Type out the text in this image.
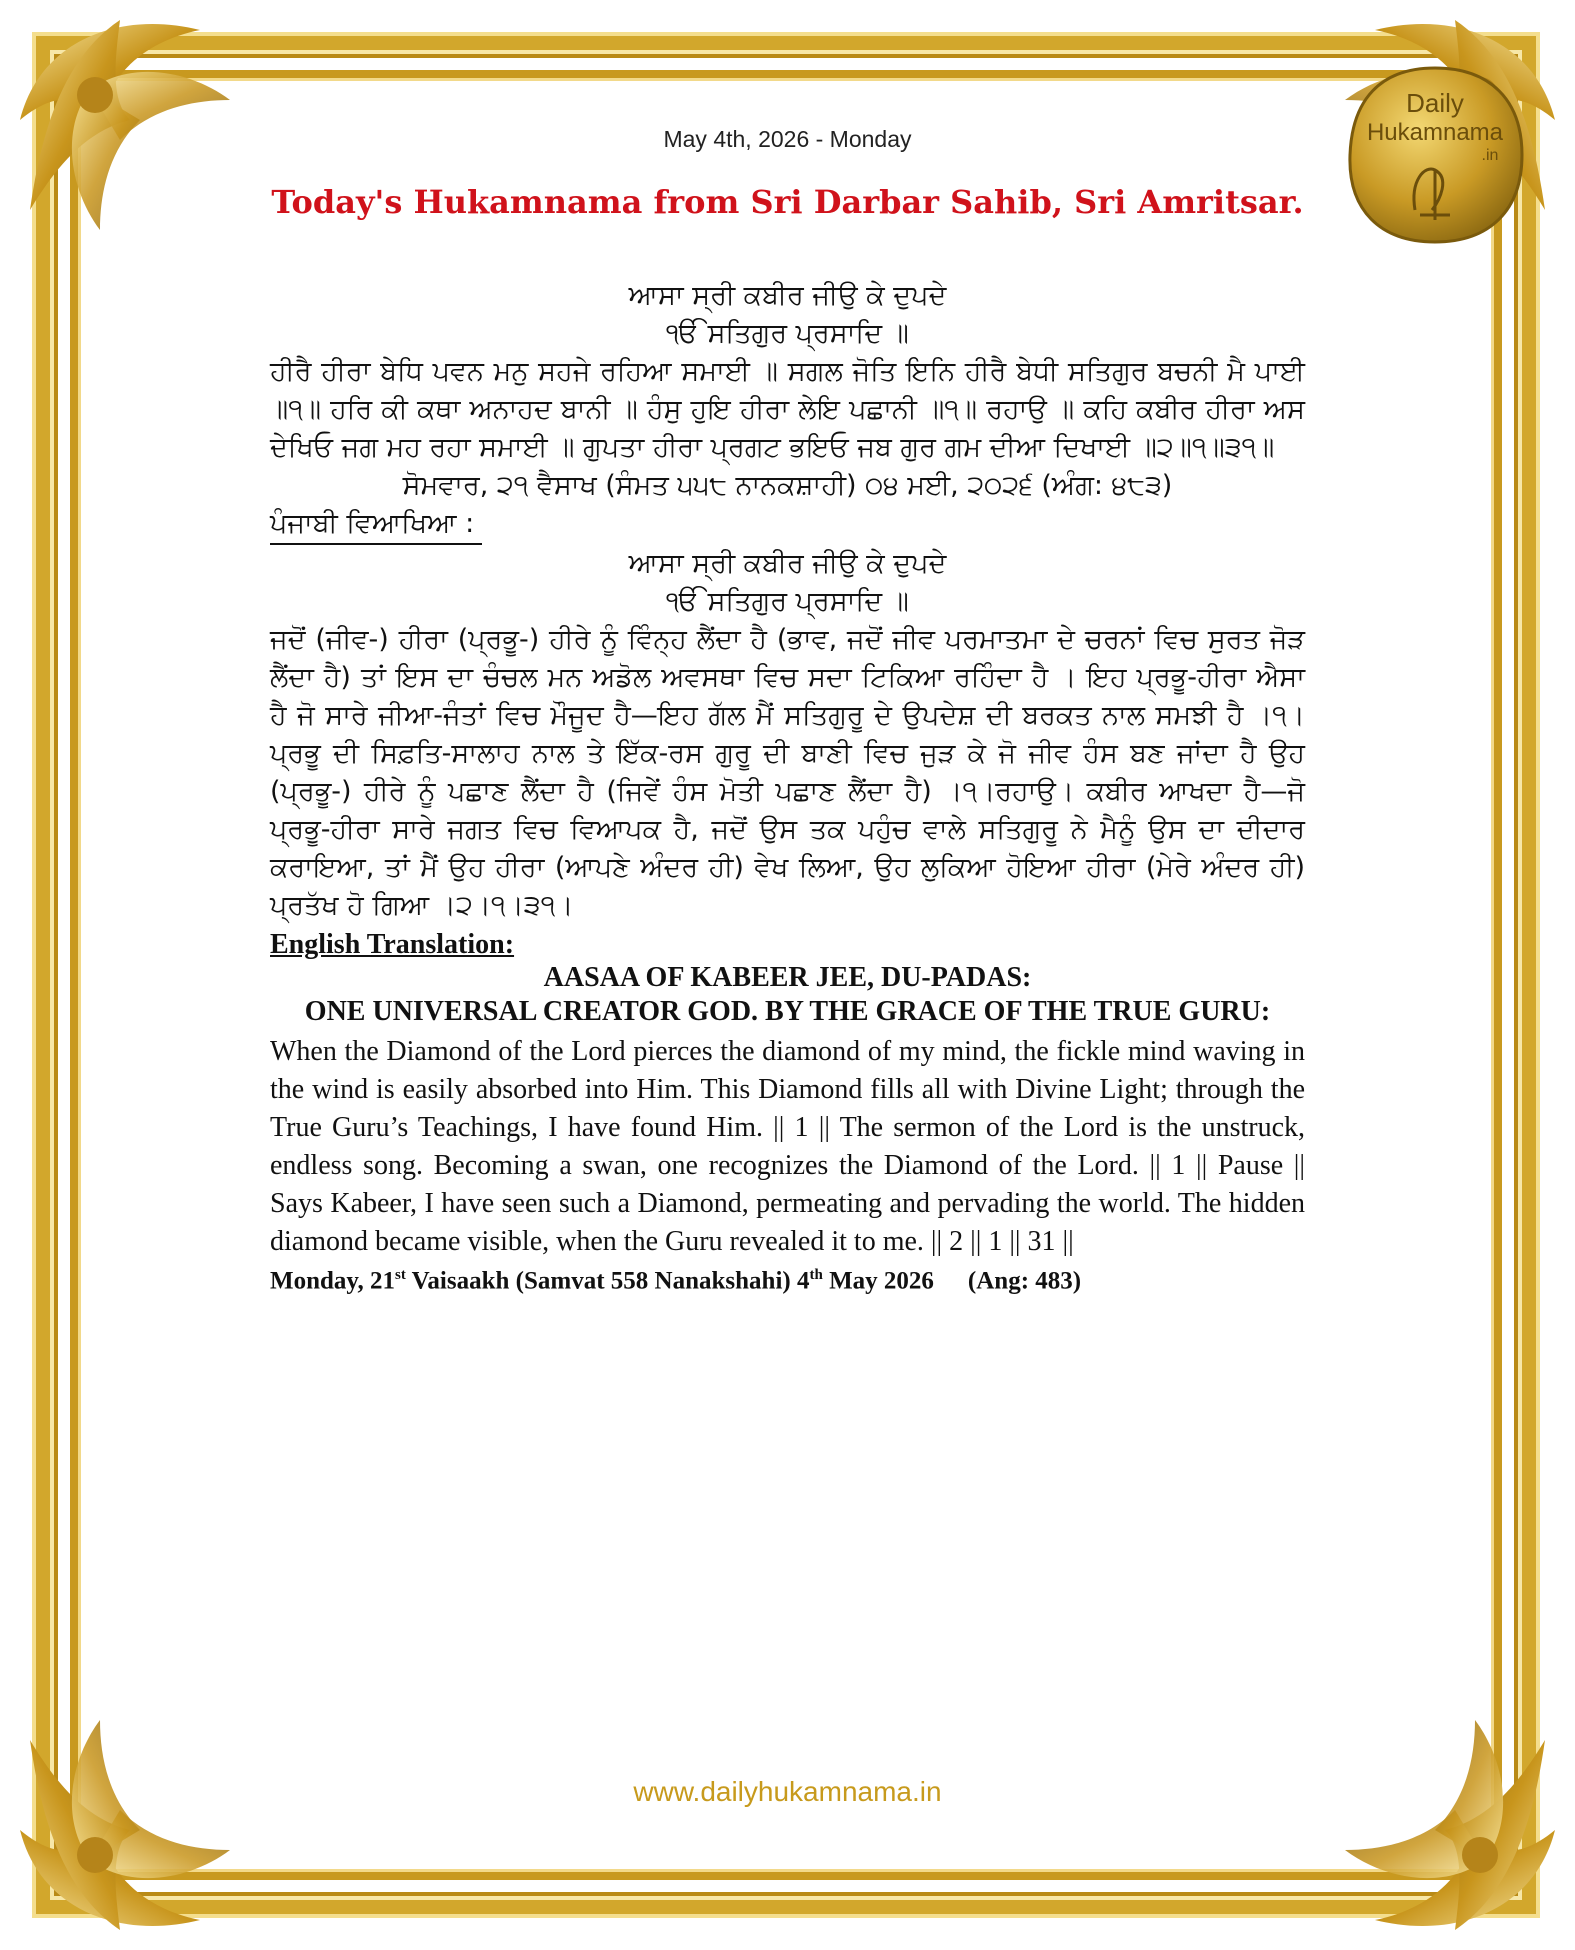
Daily
Hukamnama
.in
May 4th, 2026 - Monday
Today's Hukamnama from Sri Darbar Sahib, Sri Amritsar.
ਆਸਾ ਸ੍ਰੀ ਕਬੀਰ ਜੀਉ ਕੇ ਦੁਪਦੇ
ੴ ਸਤਿਗੁਰ ਪ੍ਰਸਾਦਿ ॥
ਹੀਰੈ ਹੀਰਾ ਬੇਧਿ ਪਵਨ ਮਨੁ ਸਹਜੇ ਰਹਿਆ ਸਮਾਈ ॥ ਸਗਲ ਜੋਤਿ ਇਨਿ ਹੀਰੈ ਬੇਧੀ ਸਤਿਗੁਰ ਬਚਨੀ ਮੈ ਪਾਈ ॥੧॥ ਹਰਿ ਕੀ ਕਥਾ ਅਨਾਹਦ ਬਾਨੀ ॥ ਹੰਸੁ ਹੁਇ ਹੀਰਾ ਲੇਇ ਪਛਾਨੀ ॥੧॥ ਰਹਾਉ ॥ ਕਹਿ ਕਬੀਰ ਹੀਰਾ ਅਸ ਦੇਖਿਓ ਜਗ ਮਹ ਰਹਾ ਸਮਾਈ ॥ ਗੁਪਤਾ ਹੀਰਾ ਪ੍ਰਗਟ ਭਇਓ ਜਬ ਗੁਰ ਗਮ ਦੀਆ ਦਿਖਾਈ ॥੨॥੧॥੩੧॥
ਸੋਮਵਾਰ, ੨੧ ਵੈਸਾਖ (ਸੰਮਤ ੫੫੮ ਨਾਨਕਸ਼ਾਹੀ) ੦੪ ਮਈ, ੨੦੨੬ (ਅੰਗ: ੪੮੩)
ਪੰਜਾਬੀ ਵਿਆਖਿਆ :
ਆਸਾ ਸ੍ਰੀ ਕਬੀਰ ਜੀਉ ਕੇ ਦੁਪਦੇ
ੴ ਸਤਿਗੁਰ ਪ੍ਰਸਾਦਿ ॥
ਜਦੋਂ (ਜੀਵ-) ਹੀਰਾ (ਪ੍ਰਭੂ-) ਹੀਰੇ ਨੂੰ ਵਿੰਨ੍ਹ ਲੈਂਦਾ ਹੈ (ਭਾਵ, ਜਦੋਂ ਜੀਵ ਪਰਮਾਤਮਾ ਦੇ ਚਰਨਾਂ ਵਿਚ ਸੁਰਤ ਜੋੜ ਲੈਂਦਾ ਹੈ) ਤਾਂ ਇਸ ਦਾ ਚੰਚਲ ਮਨ ਅਡੋਲ ਅਵਸਥਾ ਵਿਚ ਸਦਾ ਟਿਕਿਆ ਰਹਿੰਦਾ ਹੈ । ਇਹ ਪ੍ਰਭੂ-ਹੀਰਾ ਐਸਾ ਹੈ ਜੋ ਸਾਰੇ ਜੀਆ-ਜੰਤਾਂ ਵਿਚ ਮੌਜੂਦ ਹੈ—ਇਹ ਗੱਲ ਮੈਂ ਸਤਿਗੁਰੂ ਦੇ ਉਪਦੇਸ਼ ਦੀ ਬਰਕਤ ਨਾਲ ਸਮਝੀ ਹੈ ।੧। ਪ੍ਰਭੂ ਦੀ ਸਿਫ਼ਤਿ-ਸਾਲਾਹ ਨਾਲ ਤੇ ਇੱਕ-ਰਸ ਗੁਰੂ ਦੀ ਬਾਣੀ ਵਿਚ ਜੁੜ ਕੇ ਜੋ ਜੀਵ ਹੰਸ ਬਣ ਜਾਂਦਾ ਹੈ ਉਹ (ਪ੍ਰਭੂ-) ਹੀਰੇ ਨੂੰ ਪਛਾਣ ਲੈਂਦਾ ਹੈ (ਜਿਵੇਂ ਹੰਸ ਮੋਤੀ ਪਛਾਣ ਲੈਂਦਾ ਹੈ) ।੧।ਰਹਾਉ। ਕਬੀਰ ਆਖਦਾ ਹੈ—ਜੋ ਪ੍ਰਭੂ-ਹੀਰਾ ਸਾਰੇ ਜਗਤ ਵਿਚ ਵਿਆਪਕ ਹੈ, ਜਦੋਂ ਉਸ ਤਕ ਪਹੁੰਚ ਵਾਲੇ ਸਤਿਗੁਰੂ ਨੇ ਮੈਨੂੰ ਉਸ ਦਾ ਦੀਦਾਰ ਕਰਾਇਆ, ਤਾਂ ਮੈਂ ਉਹ ਹੀਰਾ (ਆਪਣੇ ਅੰਦਰ ਹੀ) ਵੇਖ ਲਿਆ, ਉਹ ਲੁਕਿਆ ਹੋਇਆ ਹੀਰਾ (ਮੇਰੇ ਅੰਦਰ ਹੀ) ਪ੍ਰਤੱਖ ਹੋ ਗਿਆ ।੨।੧।੩੧।
English Translation:
AASAA OF KABEER JEE, DU-PADAS:
ONE UNIVERSAL CREATOR GOD. BY THE GRACE OF THE TRUE GURU:
When the Diamond of the Lord pierces the diamond of my mind, the fickle mind waving in the wind is easily absorbed into Him. This Diamond fills all with Divine Light; through the True Guru’s Teachings, I have found Him. || 1 || The sermon of the Lord is the unstruck, endless song. Becoming a swan, one recognizes the Diamond of the Lord. || 1 || Pause || Says Kabeer, I have seen such a Diamond, permeating and pervading the world. The hidden diamond became visible, when the Guru revealed it to me. || 2 || 1 || 31 ||
Monday, 21st Vaisaakh (Samvat 558 Nanakshahi) 4th May 2026 (Ang: 483)
www.dailyhukamnama.in
